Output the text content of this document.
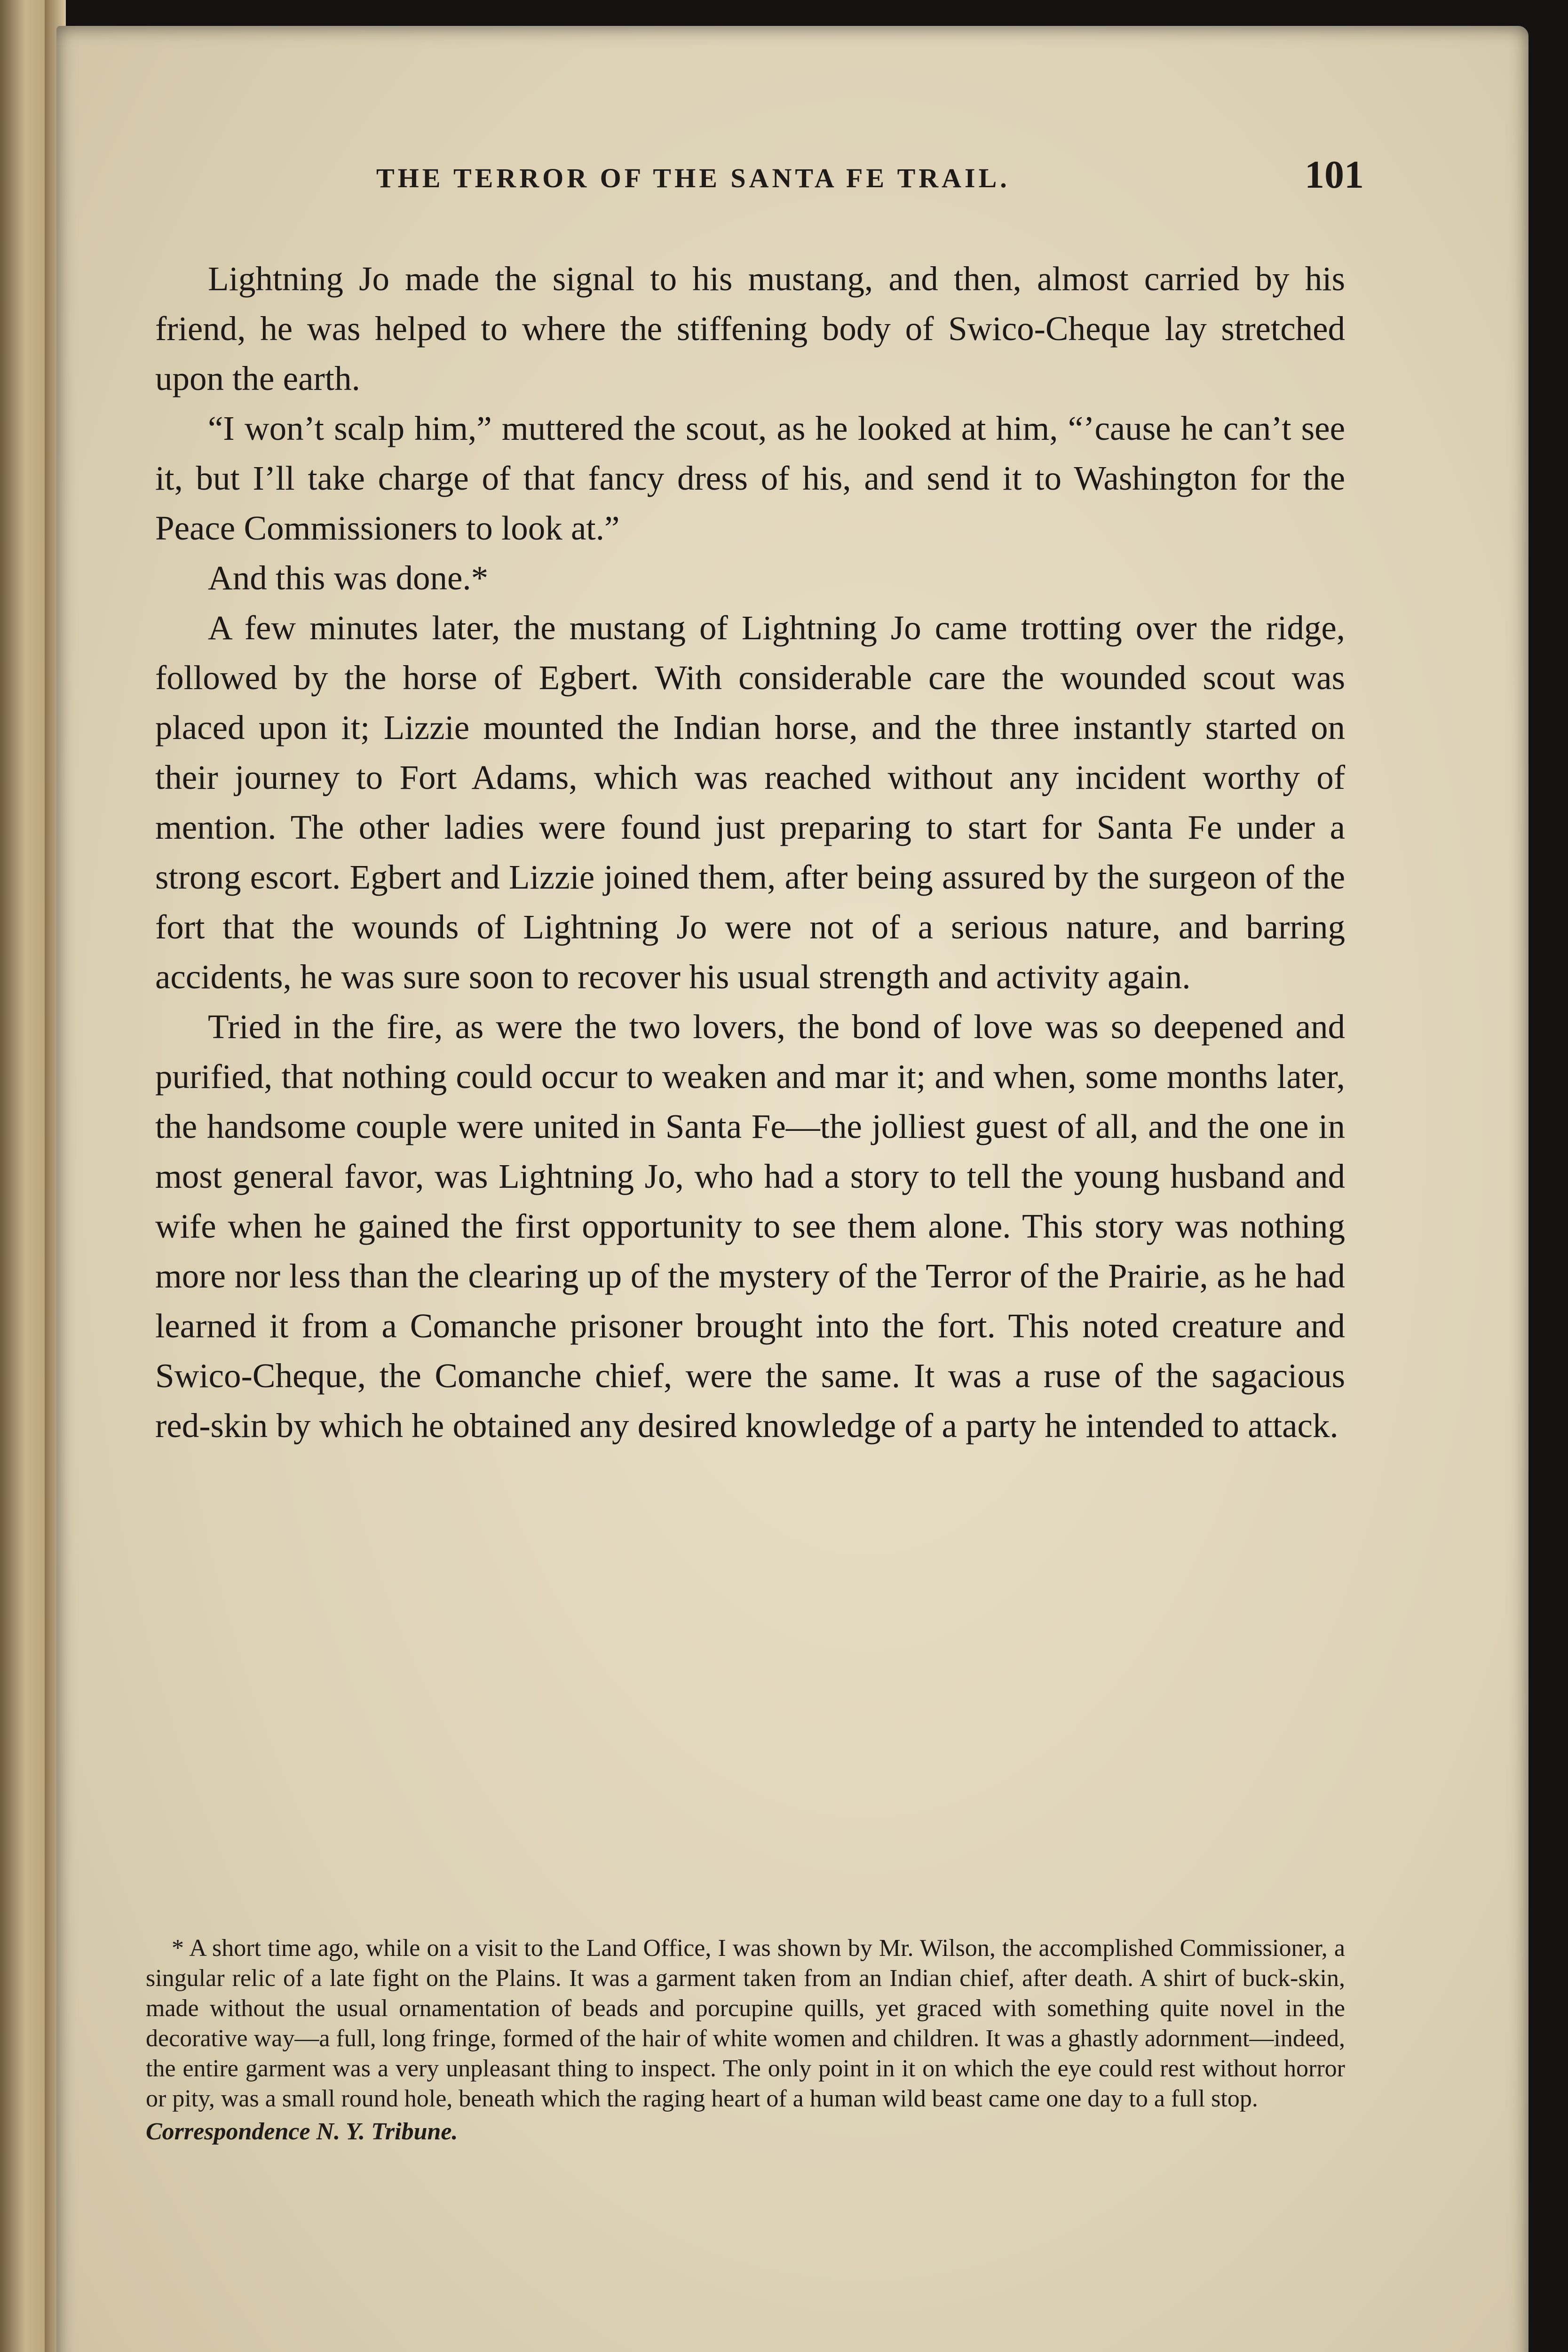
THE TERROR OF THE SANTA FE TRAIL.	101

Lightning Jo made the signal to his mustang, and then, almost carried by his friend, he was helped to where the stiffening body of Swico-Cheque lay stretched upon the earth.

“I won’t scalp him,” muttered the scout, as he looked at him, “’cause he can’t see it, but I’ll take charge of that fancy dress of his, and send it to Washington for the Peace Commissioners to look at.”

And this was done.*

A few minutes later, the mustang of Lightning Jo came trotting over the ridge, followed by the horse of Egbert. With considerable care the wounded scout was placed upon it; Lizzie mounted the Indian horse, and the three instantly started on their journey to Fort Adams, which was reached without any incident worthy of mention. The other ladies were found just preparing to start for Santa Fe under a strong escort. Egbert and Lizzie joined them, after being assured by the surgeon of the fort that the wounds of Lightning Jo were not of a serious nature, and barring accidents, he was sure soon to recover his usual strength and activity again.

Tried in the fire, as were the two lovers, the bond of love was so deepened and purified, that nothing could occur to weaken and mar it; and when, some months later, the handsome couple were united in Santa Fe—the jolliest guest of all, and the one in most general favor, was Lightning Jo, who had a story to tell the young husband and wife when he gained the first opportunity to see them alone. This story was nothing more nor less than the clearing up of the mystery of the Terror of the Prairie, as he had learned it from a Comanche prisoner brought into the fort. This noted creature and Swico-Cheque, the Comanche chief, were the same. It was a ruse of the sagacious red-skin by which he obtained any desired knowledge of a party he intended to attack.

* A short time ago, while on a visit to the Land Office, I was shown by Mr. Wilson, the accomplished Commissioner, a singular relic of a late fight on the Plains. It was a garment taken from an Indian chief, after death. A shirt of buck-skin, made without the usual ornamentation of beads and porcupine quills, yet graced with something quite novel in the decorative way—a full, long fringe, formed of the hair of white women and children. It was a ghastly adornment—indeed, the entire garment was a very unpleasant thing to inspect. The only point in it on which the eye could rest without horror or pity, was a small round hole, beneath which the raging heart of a human wild beast came one day to a full stop.

Correspondence N. Y. Tribune.
